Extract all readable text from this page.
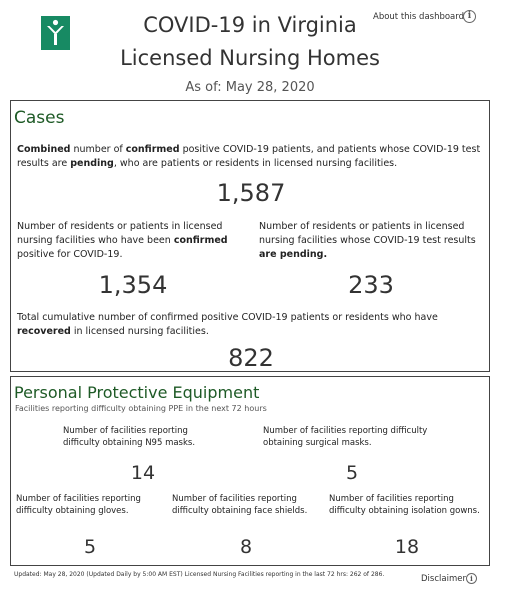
COVID-19 in Virginia
Licensed Nursing Homes
As of: May 28, 2020
About this dashboard i
Cases
Combined number of confirmed positive COVID-19 patients, and patients whose COVID-19 test results are pending, who are patients or residents in licensed nursing facilities.
1,587
Number of residents or patients in licensed nursing facilities who have been confirmed positive for COVID-19.
1,354
Number of residents or patients in licensed nursing facilities whose COVID-19 test results are pending.
233
Total cumulative number of confirmed positive COVID-19 patients or residents who have recovered in licensed nursing facilities.
822
Personal Protective Equipment
Facilities reporting difficulty obtaining PPE in the next 72 hours
Number of facilities reporting difficulty obtaining N95 masks.
14
Number of facilities reporting difficulty obtaining surgical masks.
5
Number of facilities reporting difficulty obtaining gloves.
5
Number of facilities reporting difficulty obtaining face shields.
8
Number of facilities reporting difficulty obtaining isolation gowns.
18
Updated: May 28, 2020 (Updated Daily by 5:00 AM EST) Licensed Nursing Facilities reporting in the last 72 hrs: 262 of 286.	Disclaimer i
